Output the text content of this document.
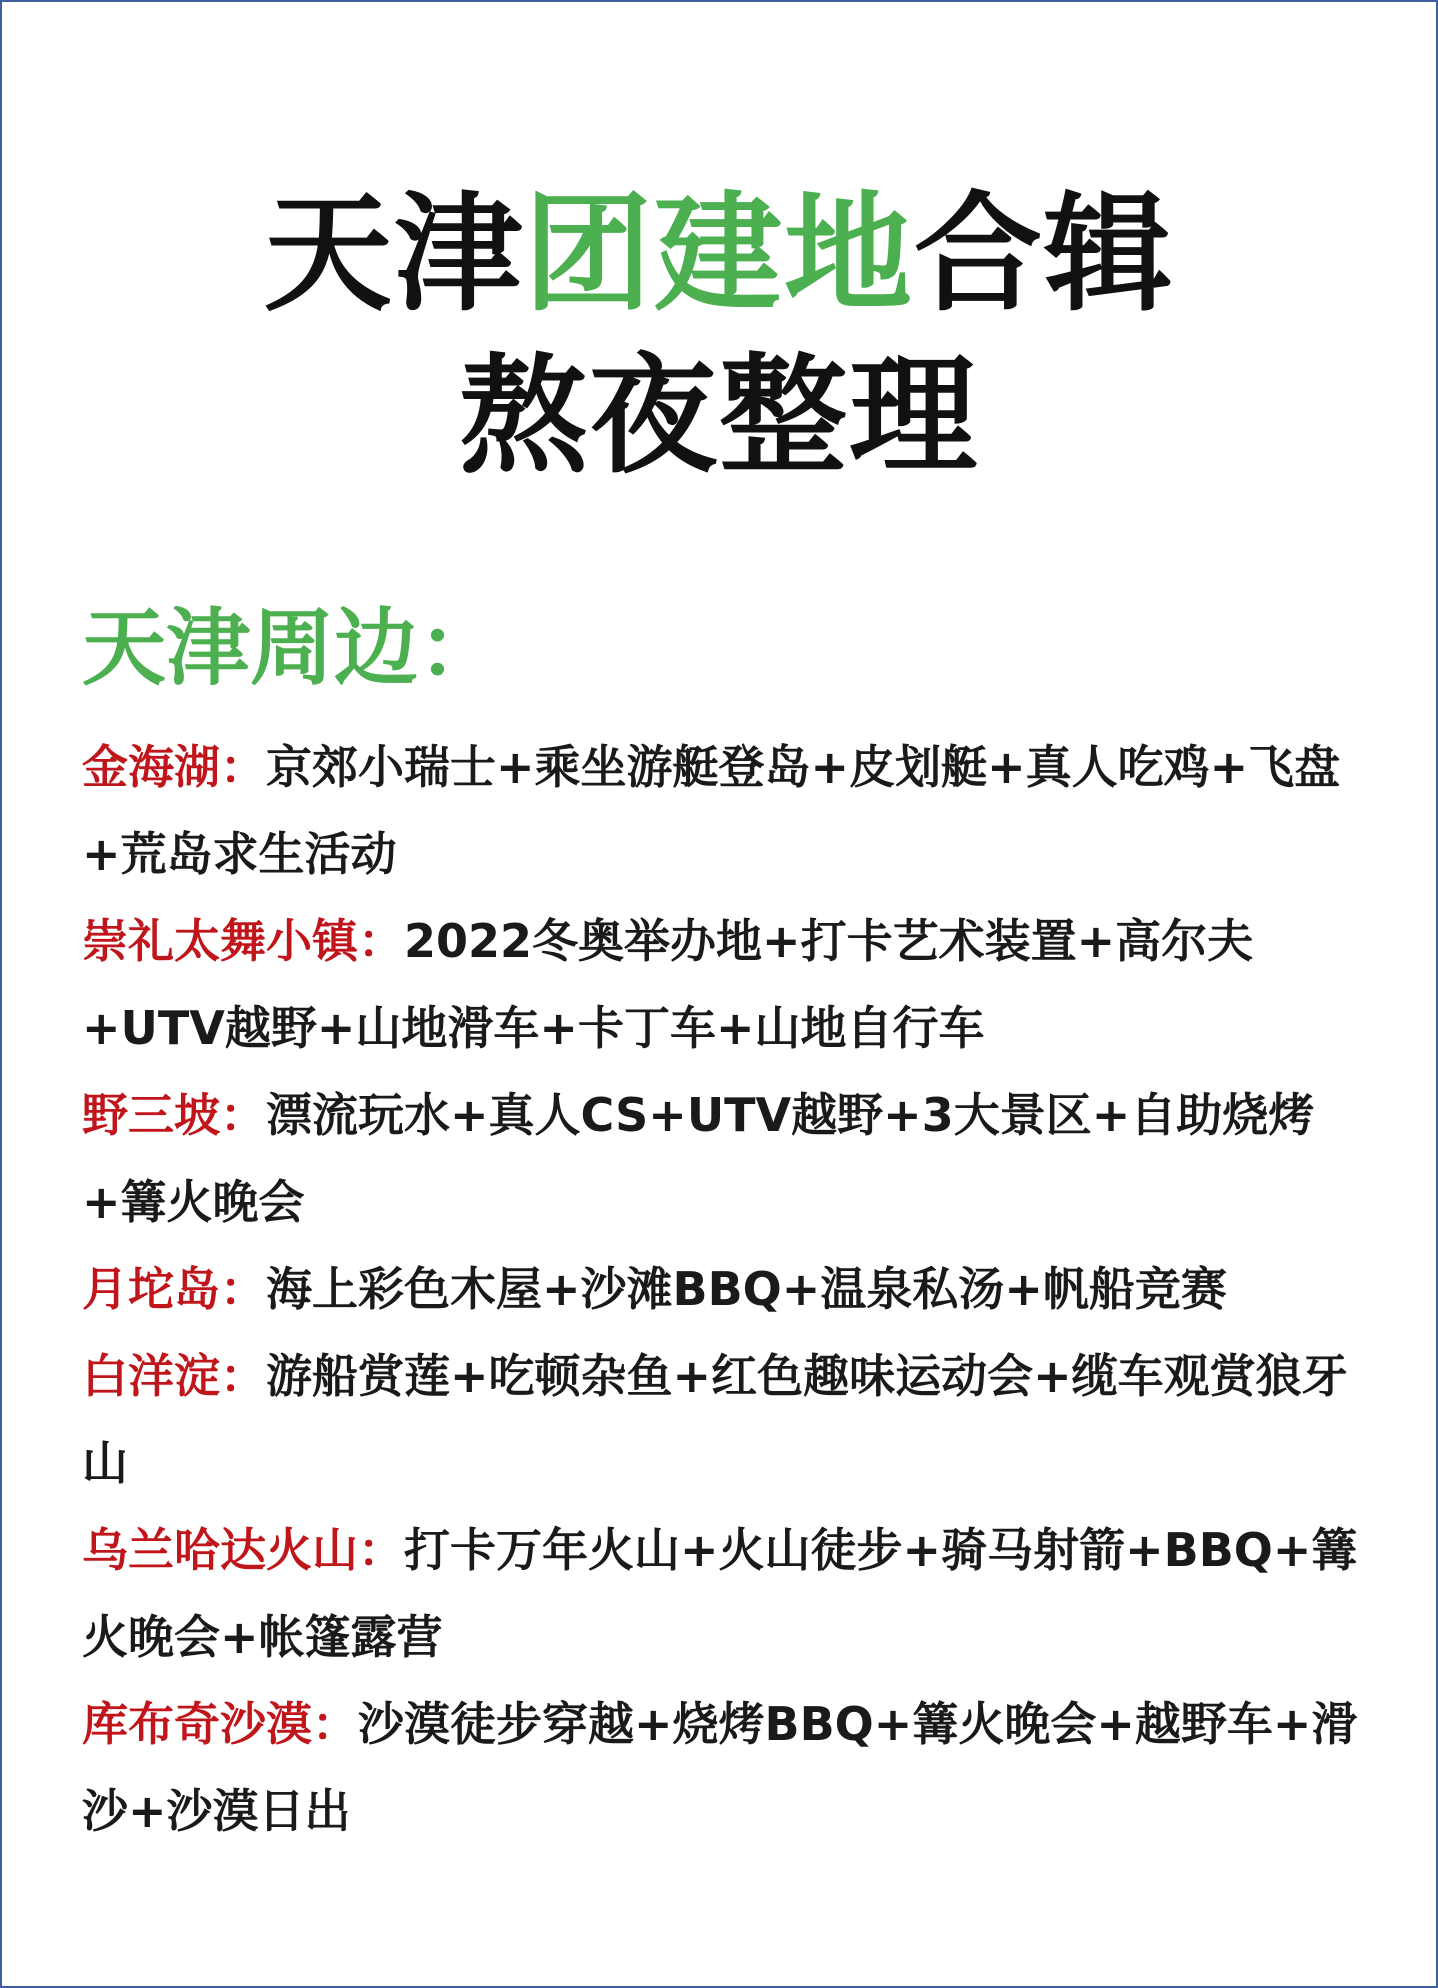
天津团建地合辑
熬夜整理
天津周边：

金海湖：京郊小瑞士+乘坐游艇登岛+皮划艇+真人吃鸡+飞盘+荒岛求生活动

崇礼太舞小镇：2022冬奥举办地+打卡艺术装置+高尔夫+UTV越野+山地滑车+卡丁车+山地自行车

野三坡：漂流玩水+真人CS+UTV越野+3大景区+自助烧烤+篝火晚会

月坨岛：海上彩色木屋+沙滩BBQ+温泉私汤+帆船竞赛

白洋淀：游船赏莲+吃顿杂鱼+红色趣味运动会+缆车观赏狼牙山

乌兰哈达火山：打卡万年火山+火山徒步+骑马射箭+BBQ+篝火晚会+帐篷露营

库布奇沙漠：沙漠徒步穿越+烧烤BBQ+篝火晚会+越野车+滑沙+沙漠日出
